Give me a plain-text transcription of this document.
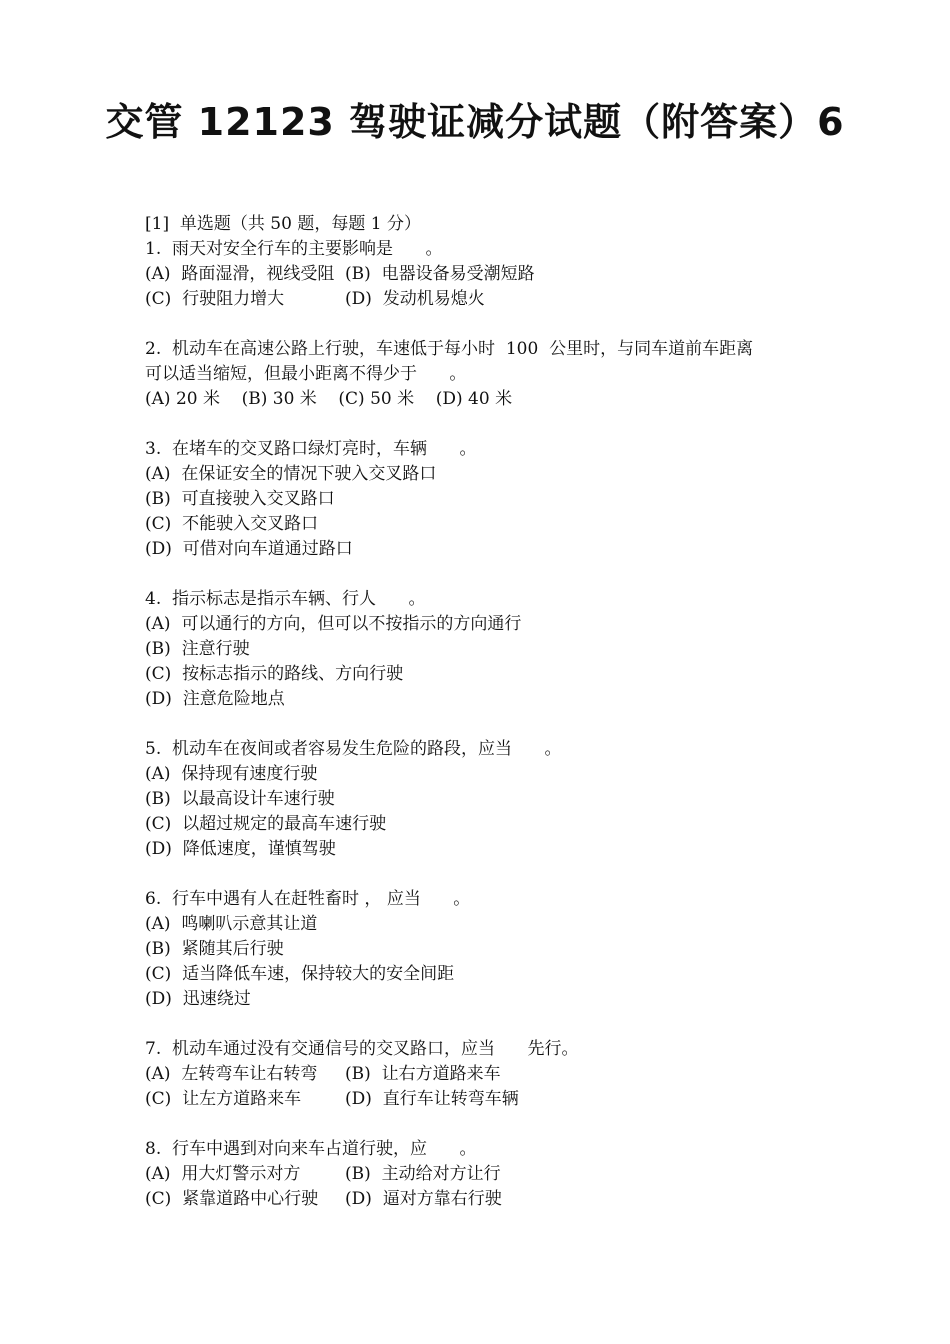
交管 12123 驾驶证减分试题（附答案）6
[1]  单选题（共 50 题，每题 1 分）
1.  雨天对安全行车的主要影响是      。
(A)  路面湿滑，视线受阻 (B)  电器设备易受潮短路
(C)  行驶阻力增大	(D)  发动机易熄火
2.  机动车在高速公路上行驶，车速低于每小时  100  公里时，与同车道前车距离
可以适当缩短，但最小距离不得少于      。
(A) 20 米    (B) 30 米    (C) 50 米    (D) 40 米
3.  在堵车的交叉路口绿灯亮时，车辆      。
(A)  在保证安全的情况下驶入交叉路口
(B)  可直接驶入交叉路口
(C)  不能驶入交叉路口
(D)  可借对向车道通过路口
4.  指示标志是指示车辆、行人      。
(A)  可以通行的方向，但可以不按指示的方向通行
(B)  注意行驶
(C)  按标志指示的路线、方向行驶
(D)  注意危险地点
5.  机动车在夜间或者容易发生危险的路段，应当      。
(A)  保持现有速度行驶
(B)  以最高设计车速行驶
(C)  以超过规定的最高车速行驶
(D)  降低速度，谨慎驾驶
6.  行车中遇有人在赶牲畜时 ， 应当      。
(A)  鸣喇叭示意其让道
(B)  紧随其后行驶
(C)  适当降低车速，保持较大的安全间距
(D)  迅速绕过
7.  机动车通过没有交通信号的交叉路口，应当      先行。
(A)  左转弯车让右转弯	(B)  让右方道路来车
(C)  让左方道路来车	(D)  直行车让转弯车辆
8.  行车中遇到对向来车占道行驶，应      。
(A)  用大灯警示对方	(B)  主动给对方让行
(C)  紧靠道路中心行驶	(D)  逼对方靠右行驶
